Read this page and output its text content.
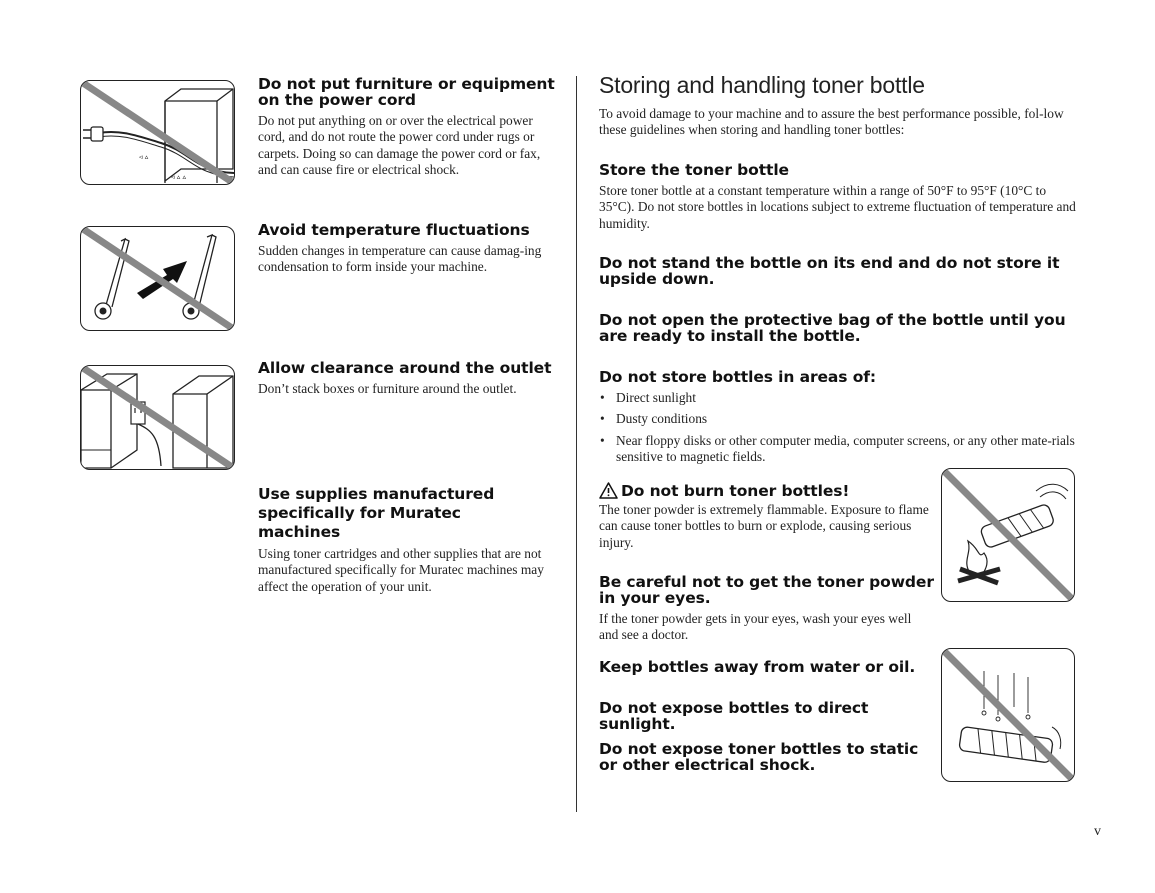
◃ ▵
◃ ▵ ▵
Do not put furniture or equipment on the power cord

Do not put anything on or over the electrical power cord, and do not route the power cord under rugs or carpets. Doing so can damage the power cord or fax, and can cause fire or electrical shock.

Avoid temperature fluctuations

Sudden changes in temperature can cause damag-ing condensation to form inside your machine.

Allow clearance around the outlet

Don’t stack boxes or furniture around the outlet.

Use supplies manufactured specifically for Muratec machines

Using toner cartridges and other supplies that are not manufactured specifically for Muratec machines may affect the operation of your unit.

Storing and handling toner bottle

To avoid damage to your machine and to assure the best performance possible, fol-low these guidelines when storing and handling toner bottles:

Store the toner bottle

Store toner bottle at a constant temperature within a range of 50°F to 95°F (10°C to 35°C). Do not store bottles in locations subject to extreme fluctuation of temperature and humidity.

Do not stand the bottle on its end and do not store it upside down.
Do not open the protective bag of the bottle until you are ready to install the bottle.
Do not store bottles in areas of:
• Direct sunlight
• Dusty conditions
• Near floppy disks or other computer media, computer screens, or any other mate-rials sensitive to magnetic fields.
Do not burn toner bottles!

The toner powder is extremely flammable. Exposure to flame can cause toner bottles to burn or explode, causing serious injury.

Be careful not to get the toner powder in your eyes.

If the toner powder gets in your eyes, wash your eyes well and see a doctor.

Keep bottles away from water or oil.
Do not expose bottles to direct sunlight.
Do not expose toner bottles to static or other electrical shock.
v
